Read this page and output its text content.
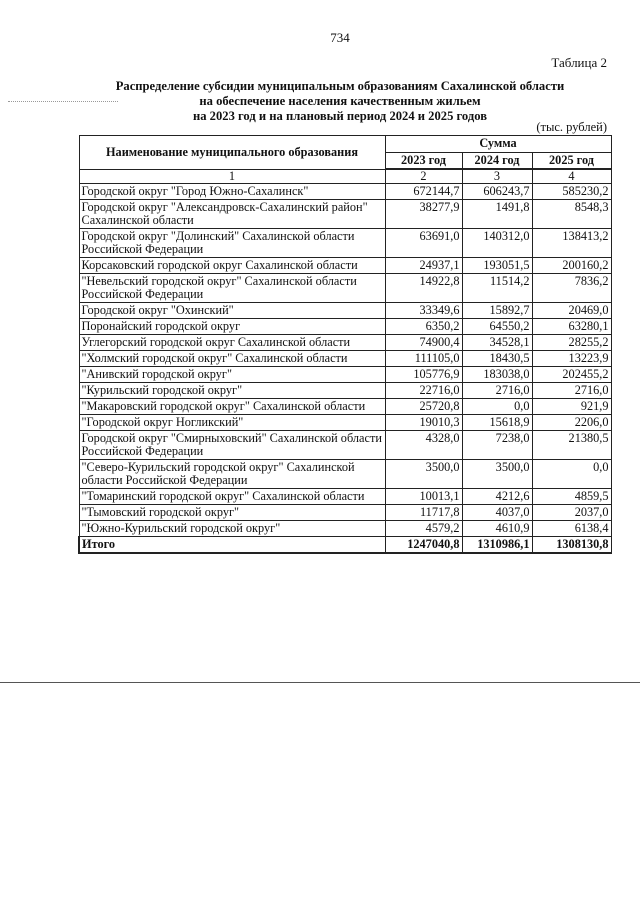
734
Таблица 2
Распределение субсидии муниципальным образованиям Сахалинской области
на обеспечение населения качественным жильем
на 2023 год и на плановый период 2024 и 2025 годов
(тыс. рублей)
Наименование муниципального образования	Сумма		
	2023 год	2024 год	2025 год
1	2	3	4
Городской округ "Город Южно-Сахалинск"	672144,7	606243,7	585230,2
Городской округ "Александровск-Сахалинский район" Сахалинской области	38277,9	1491,8	8548,3
Городской округ "Долинский" Сахалинской области Российской Федерации	63691,0	140312,0	138413,2
Корсаковский городской округ Сахалинской области	24937,1	193051,5	200160,2
"Невельский городской округ" Сахалинской области Российской Федерации	14922,8	11514,2	7836,2
Городской округ "Охинский"	33349,6	15892,7	20469,0
Поронайский городской округ	6350,2	64550,2	63280,1
Углегорский городской округ Сахалинской области	74900,4	34528,1	28255,2
"Холмский городской округ" Сахалинской области	111105,0	18430,5	13223,9
"Анивский городской округ"	105776,9	183038,0	202455,2
"Курильский городской округ"	22716,0	2716,0	2716,0
"Макаровский городской округ" Сахалинской области	25720,8	0,0	921,9
"Городской округ Ногликский"	19010,3	15618,9	2206,0
Городской округ "Смирныховский" Сахалинской области Российской Федерации	4328,0	7238,0	21380,5
"Северо-Курильский городской округ" Сахалинской области Российской Федерации	3500,0	3500,0	0,0
"Томаринский городской округ" Сахалинской области	10013,1	4212,6	4859,5
"Тымовский городской округ"	11717,8	4037,0	2037,0
"Южно-Курильский городской округ"	4579,2	4610,9	6138,4
Итого	1247040,8	1310986,1	1308130,8
